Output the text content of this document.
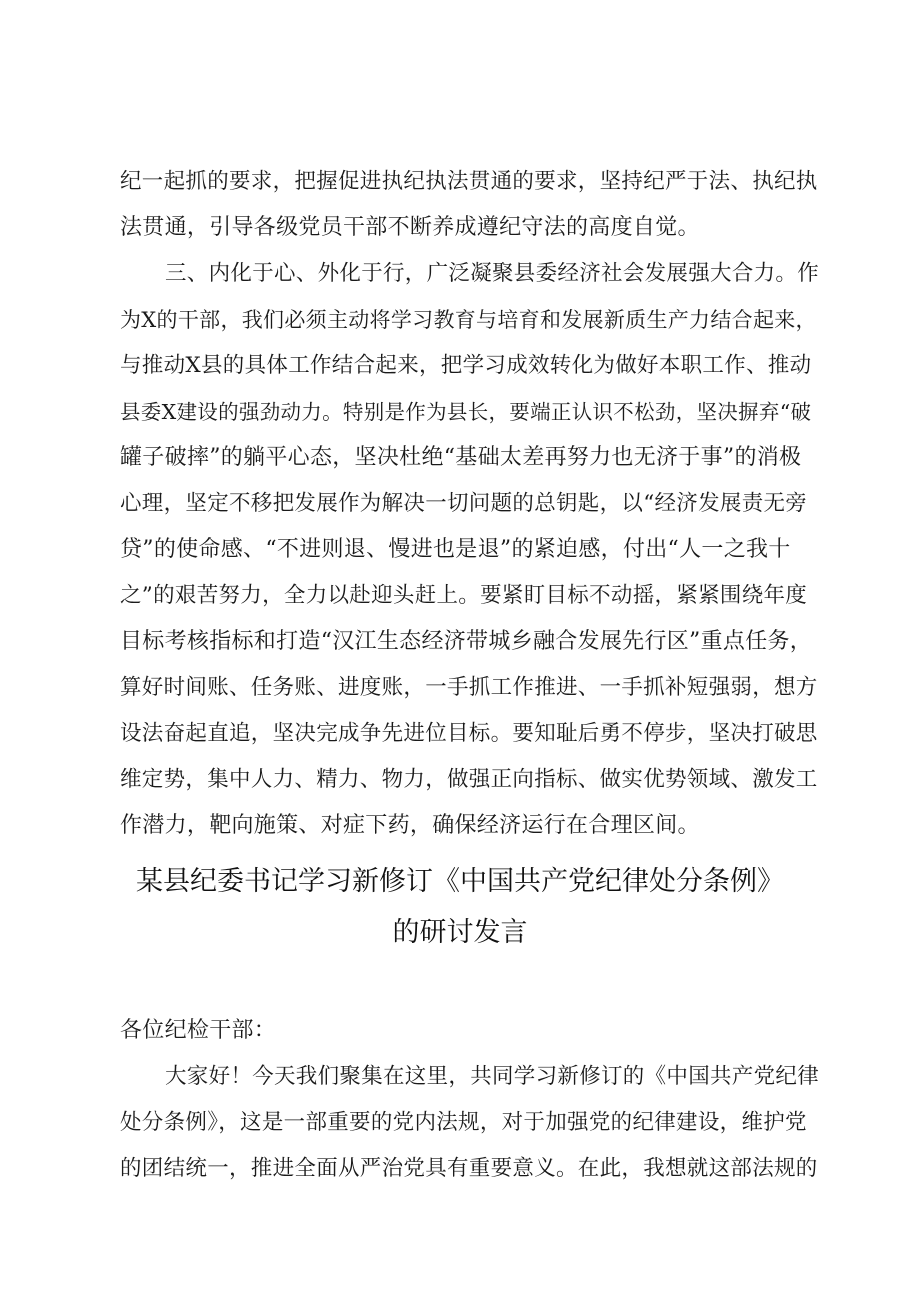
纪一起抓的要求，把握促进执纪执法贯通的要求，坚持纪严于法、执纪执
法贯通，引导各级党员干部不断养成遵纪守法的高度自觉。
三、内化于心、外化于行，广泛凝聚县委经济社会发展强大合力。作
为X的干部，我们必须主动将学习教育与培育和发展新质生产力结合起来，
与推动X县的具体工作结合起来，把学习成效转化为做好本职工作、推动
县委X建设的强劲动力。特别是作为县长，要端正认识不松劲，坚决摒弃“破
罐子破摔”的躺平心态，坚决杜绝“基础太差再努力也无济于事”的消极
心理，坚定不移把发展作为解决一切问题的总钥匙，以“经济发展责无旁
贷”的使命感、“不进则退、慢进也是退”的紧迫感，付出“人一之我十
之”的艰苦努力，全力以赴迎头赶上。要紧盯目标不动摇，紧紧围绕年度
目标考核指标和打造“汉江生态经济带城乡融合发展先行区”重点任务，
算好时间账、任务账、进度账，一手抓工作推进、一手抓补短强弱，想方
设法奋起直追，坚决完成争先进位目标。要知耻后勇不停步，坚决打破思
维定势，集中人力、精力、物力，做强正向指标、做实优势领域、激发工
作潜力，靶向施策、对症下药，确保经济运行在合理区间。
某县纪委书记学习新修订《中国共产党纪律处分条例》
的研讨发言
各位纪检干部：
大家好！今天我们聚集在这里，共同学习新修订的《中国共产党纪律
处分条例》，这是一部重要的党内法规，对于加强党的纪律建设，维护党
的团结统一，推进全面从严治党具有重要意义。在此，我想就这部法规的
